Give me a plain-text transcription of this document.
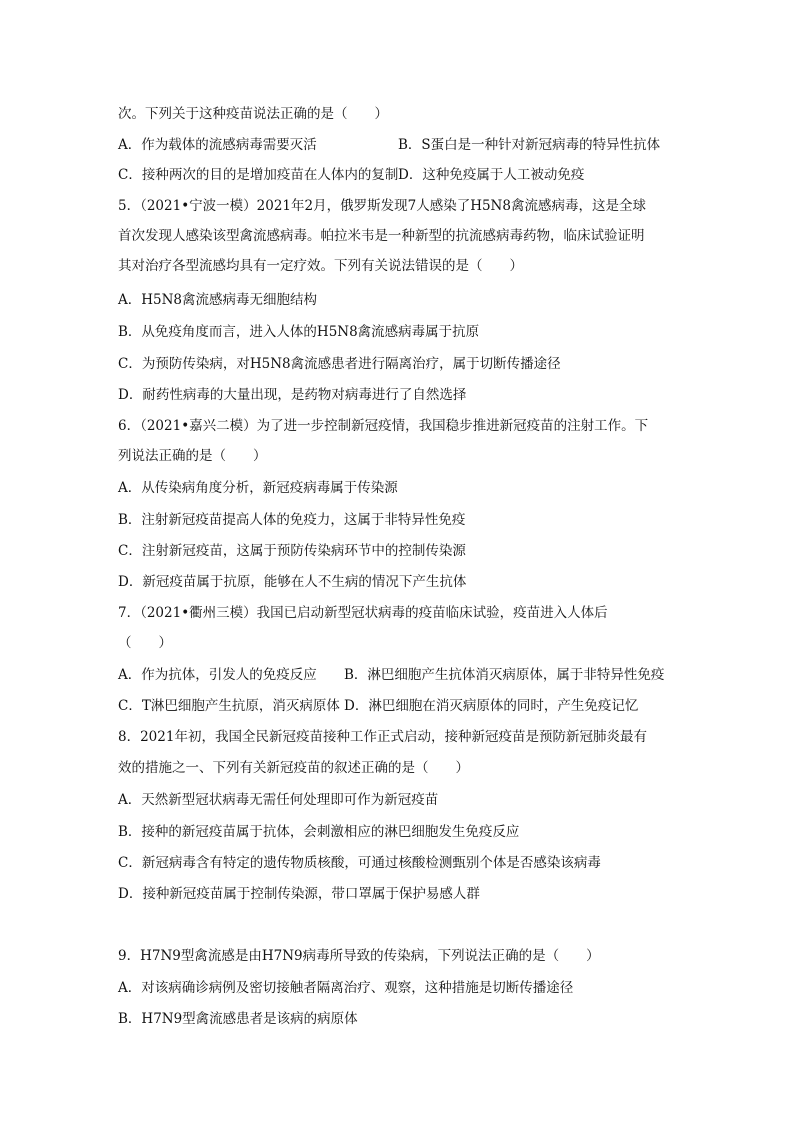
次。下列关于这种疫苗说法正确的是（　　）
A．作为载体的流感病毒需要灭活	B．S蛋白是一种针对新冠病毒的特异性抗体
C．接种两次的目的是增加疫苗在人体内的复制 D．这种免疫属于人工被动免疫
5．（2021•宁波一模）2021年2月，俄罗斯发现7人感染了H5N8禽流感病毒，这是全球
首次发现人感染该型禽流感病毒。帕拉米韦是一种新型的抗流感病毒药物，临床试验证明
其对治疗各型流感均具有一定疗效。下列有关说法错误的是（　　）
A．H5N8禽流感病毒无细胞结构
B．从免疫角度而言，进入人体的H5N8禽流感病毒属于抗原
C．为预防传染病，对H5N8禽流感患者进行隔离治疗，属于切断传播途径
D．耐药性病毒的大量出现，是药物对病毒进行了自然选择
6．（2021•嘉兴二模）为了进一步控制新冠疫情，我国稳步推进新冠疫苗的注射工作。下
列说法正确的是（　　）
A．从传染病角度分析，新冠疫病毒属于传染源
B．注射新冠疫苗提高人体的免疫力，这属于非特异性免疫
C．注射新冠疫苗，这属于预防传染病环节中的控制传染源
D．新冠疫苗属于抗原，能够在人不生病的情况下产生抗体
7．（2021•衢州三模）我国已启动新型冠状病毒的疫苗临床试验，疫苗进入人体后
（　　）
A．作为抗体，引发人的免疫反应	B．淋巴细胞产生抗体消灭病原体，属于非特异性免疫
C．T淋巴细胞产生抗原，消灭病原体 D．淋巴细胞在消灭病原体的同时，产生免疫记忆
8．2021年初，我国全民新冠疫苗接种工作正式启动，接种新冠疫苗是预防新冠肺炎最有
效的措施之一、下列有关新冠疫苗的叙述正确的是（　　）
A．天然新型冠状病毒无需任何处理即可作为新冠疫苗
B．接种的新冠疫苗属于抗体，会刺激相应的淋巴细胞发生免疫反应
C．新冠病毒含有特定的遗传物质核酸，可通过核酸检测甄别个体是否感染该病毒
D．接种新冠疫苗属于控制传染源，带口罩属于保护易感人群
9．H7N9型禽流感是由H7N9病毒所导致的传染病，下列说法正确的是（　　）
A．对该病确诊病例及密切接触者隔离治疗、观察，这种措施是切断传播途径
B．H7N9型禽流感患者是该病的病原体
